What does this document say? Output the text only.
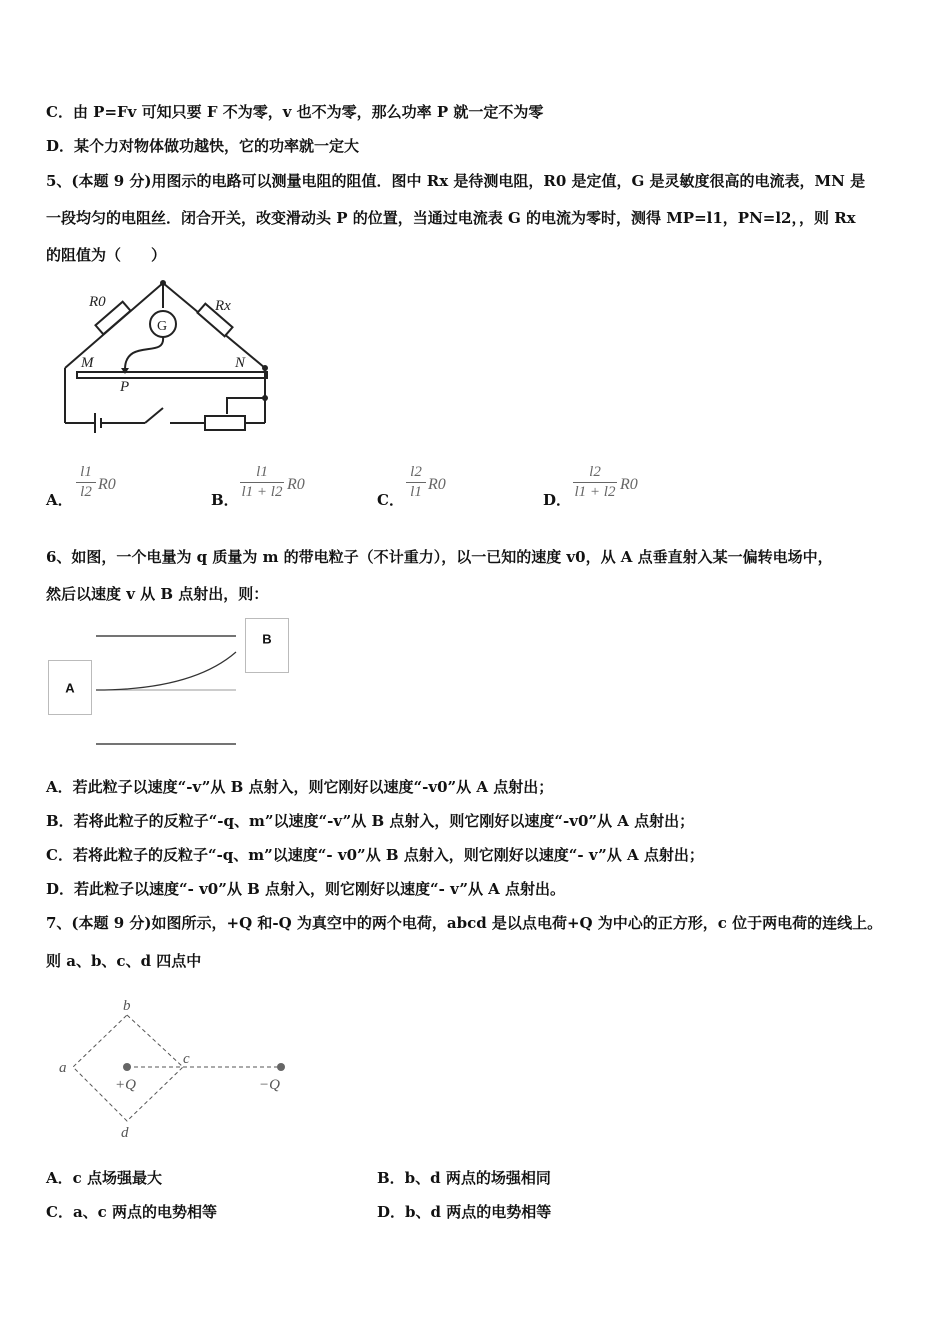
C．由 P=Fv 可知只要 F 不为零，v 也不为零，那么功率 P 就一定不为零
D．某个力对物体做功越快，它的功率就一定大
5、(本题 9 分)用图示的电路可以测量电阻的阻值．图中 Rx 是待测电阻，R0 是定值，G 是灵敏度很高的电流表，MN 是
一段均匀的电阻丝．闭合开关，改变滑动头 P 的位置，当通过电流表 G 的电流为零时，测得 MP=l1，PN=l2，，则 Rx
的阻值为（　　）
R0	Rx
G
M	N
P
A．
l1
l2 R0
B．
l1
l1 + l2 R0
C．
l2
l1 R0
D．
l2
l1 + l2 R0
6、如图，一个电量为 q 质量为 m 的带电粒子（不计重力），以一已知的速度 v0，从 A 点垂直射入某一偏转电场中，
然后以速度 v 从 B 点射出，则：
A
B
A．若此粒子以速度“-v”从 B 点射入，则它刚好以速度“-v0”从 A 点射出；
B．若将此粒子的反粒子“-q、m”以速度“-v”从 B 点射入，则它刚好以速度“-v0”从 A 点射出；
C．若将此粒子的反粒子“-q、m”以速度“- v0”从 B 点射入，则它刚好以速度“- v”从 A 点射出；
D．若此粒子以速度“- v0”从 B 点射入，则它刚好以速度“- v”从 A 点射出。
7、(本题 9 分)如图所示，+Q 和-Q 为真空中的两个电荷，abcd 是以点电荷+Q 为中心的正方形，c 位于两电荷的连线上。
则 a、b、c、d 四点中
b
a
c
d
+Q	−Q
A．c 点场强最大	B．b、d 两点的场强相同
C．a、c 两点的电势相等	D．b、d 两点的电势相等
